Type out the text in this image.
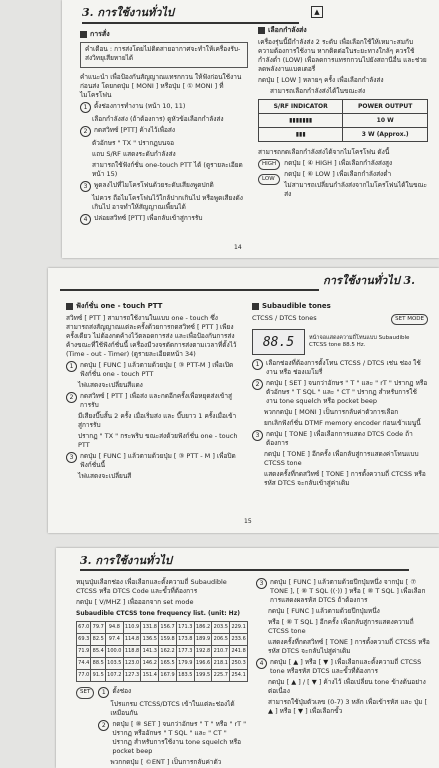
3. การใช้งานทั่วไป	▲
การสั่ง

คำเตือน : การส่งโดยไม่ติดสายอากาศจะทำให้เครื่องรับ-ส่งวิทยุเสียหายได้

คำแนะนำ เพื่อป้องกันสัญญาณแทรกกวน ให้ฟังก่อนใช้งานก่อนส่ง โดยกดปุ่ม [ MONI ] หรือปุ่ม [ ① MONI ] ที่ไมโครโฟน

1	ตั้งช่องการทำงาน (หน้า 10, 11)

เลือกกำลังส่ง (ถ้าต้องการ) ดูหัวข้อเลือกกำลังส่ง

2	กดสวิทซ์ [PTT] ค้างไว้เพื่อส่ง

ตัวอักษร " TX " ปรากฏบนจอ

แถบ S/RF แสดงระดับกำลังส่ง

สามารถใช้ฟังก์ชั่น one-touch PTT ได้ (ดูรายละเอียดหน้า 15)

3	พูดลงไปที่ไมโครโฟนด้วยระดับเสียงพูดปกติ

ไม่ควร ถือไมโครโฟนไว้ใกล้ปากเกินไป หรือพูดเสียงดังเกินไป อาจทำให้สัญญาณเพี้ยนได้

4	ปล่อยสวิทซ์ [PTT] เพื่อกลับเข้าสู่การรับ
14
เลือกกำลังส่ง

เครื่องรุ่นนี้มีกำลังส่ง 2 ระดับ เพื่อเลือกใช้ให้เหมาะสมกับความต้องการใช้งาน หากติดต่อในระยะทางใกล้ๆ ควรใช้กำลังต่ำ (LOW) เพื่อลดการแทรกกวนไปยังสถานีอื่น และช่วยลดพลังงานแบตเตอรี่

กดปุ่ม [ LOW ] หลายๆ ครั้ง เพื่อเลือกกำลังส่ง

สามารถเลือกกำลังส่งได้ในขณะส่ง

S/RF INDICATOR	POWER OUTPUT
▮▮▮▮▮▮▮	10 W
▮▮▮	3 W (Approx.)

สามารถกดเลือกกำลังส่งได้จากไมโครโฟน ดังนี้

HIGH
LOW

กดปุ่ม [ ④ HIGH ] เพื่อเลือกกำลังส่งสูง

กดปุ่ม [ ⑥ LOW ] เพื่อเลือกกำลังส่งต่ำ

ไม่สามารถเปลี่ยนกำลังส่งจากไมโครโฟนได้ในขณะส่ง

การใช้งานทั่วไป 3.
ฟังก์ชั่น one - touch PTT

สวิทซ์ [ PTT ] สามารถใช้งานในแบบ one - touch ซึ่ง สามารถส่งสัญญาณแต่ละครั้งด้วยการกดสวิทซ์ [ PTT ] เพียงครั้งเดียว ไม่ต้องกดค้างไว้ตลอดการส่ง และเพื่อป้องกันการส่งค้างขณะที่ใช้ฟังก์ชั่นนี้ เครื่องมีวงจรตัดการส่งตามเวลาที่ตั้งไว้ (Time - out - Timer) (ดูรายละเอียดหน้า 34)

1	กดปุ่ม [ FUNC ] แล้วตามด้วยปุ่ม [ ③ PTT-M ] เพื่อเปิดฟังก์ชั่น one - touch PTT

ไฟแสดงจะเปลี่ยนสีแดง

2	กดสวิทซ์ [ PTT ] เพื่อส่ง และกดอีกครั้งเพื่อหยุดส่งเข้าสู่การรับ

มีเสียงบี๊บสั้น 2 ครั้ง เมื่อเริ่มส่ง และ บี๊บยาว 1 ครั้งเมื่อเข้าสู่การรับ

ปรากฏ " TX " กระพริบ ขณะส่งด้วยฟังก์ชั่น one - touch PTT

3	กดปุ่ม [ FUNC ] แล้วตามด้วยปุ่ม [ ③ PTT - M ] เพื่อปิดฟังก์ชั่นนี้

ไฟแสดงจะเปลี่ยนสี

15
Subaudible tones
CTCSS / DTCS tones	SET MODE
88.5	หน้าจอแสดงความถี่โทนแบบ Subaudible CTCSS tone 88.5 Hz.
1	เลือกช่องที่ต้องการตั้งโทน CTCSS / DTCS เช่น ช่อง ใช้งาน หรือ ช่องเมโมรี่
2	กดปุ่ม [ SET ] จนกว่าอักษร " T " และ " rT " ปรากฏ หรือตัวอักษร " T SQL " และ " CT " ปรากฏ สำหรับการใช้งาน tone squelch หรือ pocket beep

พวกกดปุ่ม [ MONI ] เป็นการกลับค่าตัวการเลือก

ยกเลิกฟังก์ชั่น DTMF memory encoder ก่อนเข้าเมนูนี้

3	กดปุ่ม [ TONE ] เพื่อเลือกการแสดง DTCS Code ถ้าต้องการ

กดปุ่ม [ TONE ] อีกครั้ง เพื่อกลับสู่การแสดงค่าโทนแบบ CTCSS tone

แสดงครั้งที่กดสวิทซ์ [ TONE ] การตั้งความถี่ CTCSS หรือ รหัส DTCS จะกลับเข้าสู่ค่าเดิม

3. การใช้งานทั่วไป

หมุนปุ่มเลือกช่อง เพื่อเลือกและตั้งความถี่ Subaudible CTCSS หรือ DTCS Code และขั้วที่ต้องการ

กดปุ่ม [ V/MHZ ] เพื่อออกจาก set mode

Subaudible CTCSS tone frequency list. (unit: Hz)
67.0	79.7	94.8	110.9	131.8	156.7	171.3	186.2	203.5	229.1
69.3	82.5	97.4	114.8	136.5	159.8	173.8	189.9	206.5	233.6
71.9	85.4	100.0	118.8	141.3	162.2	177.3	192.8	210.7	241.8
74.4	88.5	103.5	123.0	146.2	165.5	179.9	196.6	218.1	250.3
77.0	91.5	107.2	127.3	151.4	167.9	183.5	199.5	225.7	254.1
SET	1	ตั้งช่อง

โปรแกรม CTCSS/DTCS เข้าในแต่ละช่องได้เหมือนกัน

2	กดปุ่ม [ ⑧ SET ] จนกว่าอักษร " T " หรือ " rT " ปรากฏ หรืออักษร " T SQL " และ " CT " ปรากฏ สำหรับการใช้งาน tone squelch หรือ pocket beep

พวกกดปุ่ม [ ©ENT ] เป็นการกลับค่าตัว

3	กดปุ่ม [ FUNC ] แล้วตามด้วยปีกปุ่มหนึ่ง จากปุ่ม [ ⑦ TONE ], [ ⑧ T SQL ((·)) ] หรือ [ ⑧ T SQL ] เพื่อเลือกการแสดงผลรหัส DTCS ถ้าต้องการ

กดปุ่ม [ FUNC ] แล้วตามด้วยปีกปุ่มหนึ่ง

หรือ [ ⑧ T SQL ] อีกครั้ง เพื่อกลับสู่การแสดงความถี่ CTCSS tone

แสดงครั้งที่กดสวิทซ์ [ TONE ] การตั้งความถี่ CTCSS หรือ รหัส DTCS จะกลับไปสู่ค่าเดิม

4	กดปุ่ม [ ▲ ] หรือ [ ▼ ] เพื่อเลือกและตั้งความถี่ CTCSS tone หรือรหัส DTCS และขั้วที่ต้องการ

กดปุ่ม [ ▲ ] / [ ▼ ] ค้างไว้ เพื่อเปลี่ยน tone ข้างต้นอย่างต่อเนื่อง

สามารถใช้ปุ่มตัวเลข (0-7) 3 หลัก เพื่อเข้ารหัส และ ปุ่ม [ ▲ ] หรือ [ ▼ ] เพื่อเลือกขั้ว
